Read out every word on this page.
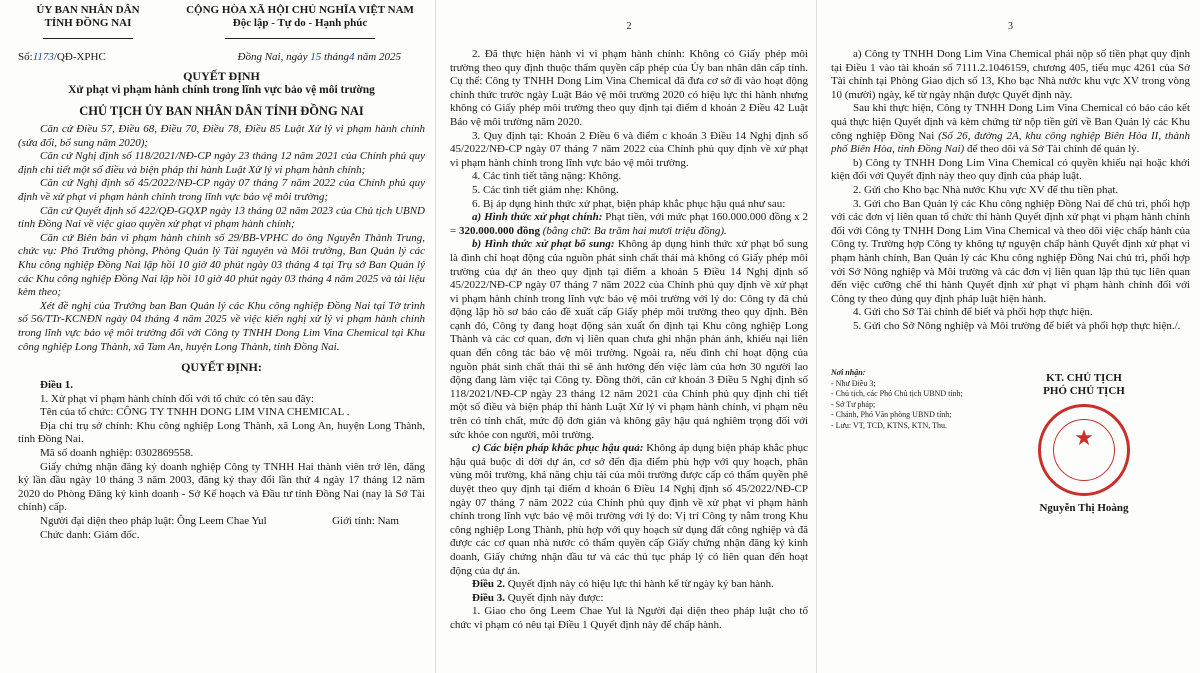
ỦY BAN NHÂN DÂN
TỈNH ĐỒNG NAI
CỘNG HÒA XÃ HỘI CHỦ NGHĨA VIỆT NAM
Độc lập - Tự do - Hạnh phúc
Số:1173/QĐ-XPHC	Đồng Nai, ngày 15 tháng4 năm 2025
QUYẾT ĐỊNH
Xử phạt vi phạm hành chính trong lĩnh vực bảo vệ môi trường
CHỦ TỊCH ỦY BAN NHÂN DÂN TỈNH ĐỒNG NAI

Căn cứ Điều 57, Điều 68, Điều 70, Điều 78, Điều 85 Luật Xử lý vi phạm hành chính (sửa đổi, bổ sung năm 2020);

Căn cứ Nghị định số 118/2021/NĐ-CP ngày 23 tháng 12 năm 2021 của Chính phủ quy định chi tiết một số điều và biện pháp thi hành Luật Xử lý vi phạm hành chính;

Căn cứ Nghị định số 45/2022/NĐ-CP ngày 07 tháng 7 năm 2022 của Chính phủ quy định về xử phạt vi phạm hành chính trong lĩnh vực bảo vệ môi trường;

Căn cứ Quyết định số 422/QĐ-GQXP ngày 13 tháng 02 năm 2023 của Chủ tịch UBND tỉnh Đồng Nai về việc giao quyền xử phạt vi phạm hành chính;

Căn cứ Biên bản vi phạm hành chính số 29/BB-VPHC do ông Nguyễn Thành Trung, chức vụ: Phó Trưởng phòng, Phòng Quản lý Tài nguyên và Môi trường, Ban Quản lý các Khu công nghiệp Đồng Nai lập hồi 10 giờ 40 phút ngày 03 tháng 4 tại Trụ sở Ban Quản lý các Khu công nghiệp Đồng Nai lập hồi 10 giờ 40 phút ngày 03 tháng 4 năm 2025 và tài liệu kèm theo;

Xét đề nghị của Trưởng ban Ban Quản lý các Khu công nghiệp Đồng Nai tại Tờ trình số 56/TTr-KCNĐN ngày 04 tháng 4 năm 2025 về việc kiến nghị xử lý vi phạm hành chính trong lĩnh vực bảo vệ môi trường đối với Công ty TNHH Dong Lim Vina Chemical tại Khu công nghiệp Long Thành, xã Tam An, huyện Long Thành, tỉnh Đồng Nai.

QUYẾT ĐỊNH:

Điều 1.

1. Xử phạt vi phạm hành chính đối với tổ chức có tên sau đây:

Tên của tổ chức: CÔNG TY TNHH DONG LIM VINA CHEMICAL .

Địa chỉ trụ sở chính: Khu công nghiệp Long Thành, xã Long An, huyện Long Thành, tỉnh Đồng Nai.

Mã số doanh nghiệp: 0302869558.

Giấy chứng nhận đăng ký doanh nghiệp Công ty TNHH Hai thành viên trở lên, đăng ký lần đầu ngày 10 tháng 3 năm 2003, đăng ký thay đổi lần thứ 4 ngày 17 tháng 12 năm 2020 do Phòng Đăng ký kinh doanh - Sở Kế hoạch và Đầu tư tỉnh Đồng Nai (nay là Sở Tài chính) cấp.

Người đại diện theo pháp luật: Ông Leem Chae Yul	Giới tính: Nam

Chức danh: Giám đốc.

2

2. Đã thực hiện hành vi vi phạm hành chính: Không có Giấy phép môi trường theo quy định thuộc thẩm quyền cấp phép của Ủy ban nhân dân cấp tỉnh. Cụ thể: Công ty TNHH Dong Lim Vina Chemical đã đưa cơ sở đi vào hoạt động chính thức trước ngày Luật Bảo vệ môi trường 2020 có hiệu lực thi hành nhưng không có Giấy phép môi trường theo quy định tại điểm d khoản 2 Điều 42 Luật Bảo vệ môi trường năm 2020.

3. Quy định tại: Khoản 2 Điều 6 và điểm c khoản 3 Điều 14 Nghị định số 45/2022/NĐ-CP ngày 07 tháng 7 năm 2022 của Chính phủ quy định về xử phạt vi phạm hành chính trong lĩnh vực bảo vệ môi trường.

4. Các tình tiết tăng nặng: Không.

5. Các tình tiết giảm nhẹ: Không.

6. Bị áp dụng hình thức xử phạt, biện pháp khắc phục hậu quả như sau:

a) Hình thức xử phạt chính: Phạt tiền, với mức phạt 160.000.000 đồng x 2 = 320.000.000 đồng (bằng chữ: Ba trăm hai mươi triệu đồng).

b) Hình thức xử phạt bổ sung: Không áp dụng hình thức xử phạt bổ sung là đình chỉ hoạt động của nguồn phát sinh chất thải mà không có Giấy phép môi trường của dự án theo quy định tại điểm a khoản 5 Điều 14 Nghị định số 45/2022/NĐ-CP ngày 07 tháng 7 năm 2022 của Chính phủ quy định về xử phạt vi phạm hành chính trong lĩnh vực bảo vệ môi trường với lý do: Công ty đã chủ động lập hồ sơ báo cáo đề xuất cấp Giấy phép môi trường theo quy định. Bên cạnh đó, Công ty đang hoạt động sản xuất ổn định tại Khu công nghiệp Long Thành và các cơ quan, đơn vị liên quan chưa ghi nhận phản ánh, khiếu nại liên quan đến công tác bảo vệ môi trường. Ngoài ra, nếu đình chỉ hoạt động của nguồn phát sinh chất thải thì sẽ ảnh hưởng đến việc làm của hơn 30 người lao động đang làm việc tại Công ty. Đồng thời, căn cứ khoản 3 Điều 5 Nghị định số 118/2021/NĐ-CP ngày 23 tháng 12 năm 2021 của Chính phủ quy định chi tiết một số điều và biện pháp thi hành Luật Xử lý vi phạm hành chính, vi phạm nêu trên có tính chất, mức độ đơn giản và không gây hậu quả nghiêm trọng đối với sức khỏe con người, môi trường.

c) Các biện pháp khắc phục hậu quả: Không áp dụng biện pháp khắc phục hậu quả buộc di dời dự án, cơ sở đến địa điểm phù hợp với quy hoạch, phân vùng môi trường, khả năng chịu tải của môi trường được cấp có thẩm quyền phê duyệt theo quy định tại điểm d khoản 6 Điều 14 Nghị định số 45/2022/NĐ-CP ngày 07 tháng 7 năm 2022 của Chính phủ quy định về xử phạt vi phạm hành chính trong lĩnh vực bảo vệ môi trường với lý do: Vị trí Công ty nằm trong Khu công nghiệp Long Thành, phù hợp với quy hoạch sử dụng đất công nghiệp và đã được các cơ quan nhà nước có thẩm quyền cấp Giấy chứng nhận đăng ký kinh doanh, Giấy chứng nhận đầu tư và các thủ tục pháp lý có liên quan đến hoạt động của dự án.

Điều 2. Quyết định này có hiệu lực thi hành kể từ ngày ký ban hành.

Điều 3. Quyết định này được:

1. Giao cho ông Leem Chae Yul là Người đại diện theo pháp luật cho tổ chức vi phạm có nêu tại Điều 1 Quyết định này để chấp hành.

3

a) Công ty TNHH Dong Lim Vina Chemical phải nộp số tiền phạt quy định tại Điều 1 vào tài khoản số 7111.2.1046159, chương 405, tiểu mục 4261 của Sở Tài chính tại Phòng Giao dịch số 13, Kho bạc Nhà nước khu vực XV trong vòng 10 (mười) ngày, kể từ ngày nhận được Quyết định này.

Sau khi thực hiện, Công ty TNHH Dong Lim Vina Chemical có báo cáo kết quả thực hiện Quyết định và kèm chứng từ nộp tiền gửi về Ban Quản lý các Khu công nghiệp Đồng Nai (Số 26, đường 2A, khu công nghiệp Biên Hòa II, thành phố Biên Hòa, tỉnh Đồng Nai) để theo dõi và Sở Tài chính để quản lý.

b) Công ty TNHH Dong Lim Vina Chemical có quyền khiếu nại hoặc khởi kiện đối với Quyết định này theo quy định của pháp luật.

2. Gửi cho Kho bạc Nhà nước Khu vực XV để thu tiền phạt.

3. Gửi cho Ban Quản lý các Khu công nghiệp Đồng Nai để chủ trì, phối hợp với các đơn vị liên quan tổ chức thi hành Quyết định xử phạt vi phạm hành chính đối với Công ty TNHH Dong Lim Vina Chemical và theo dõi việc chấp hành của Công ty. Trường hợp Công ty không tự nguyện chấp hành Quyết định xử phạt vi phạm hành chính, Ban Quản lý các Khu công nghiệp Đồng Nai chủ trì, phối hợp với Sở Nông nghiệp và Môi trường và các đơn vị liên quan lập thủ tục liên quan đến việc cưỡng chế thi hành Quyết định xử phạt vi phạm hành chính đối với Công ty theo đúng quy định pháp luật hiện hành.

4. Gửi cho Sở Tài chính để biết và phối hợp thực hiện.

5. Gửi cho Sở Nông nghiệp và Môi trường để biết và phối hợp thực hiện./.

Nơi nhận:
- Như Điều 3;
- Chủ tịch, các Phó Chủ tịch UBND tỉnh;
- Sở Tư pháp;
- Chánh, Phó Văn phòng UBND tỉnh;
- Lưu: VT, TCD, KTNS, KTN, Thu.
KT. CHỦ TỊCH
PHÓ CHỦ TỊCH
★
Nguyễn Thị Hoàng
